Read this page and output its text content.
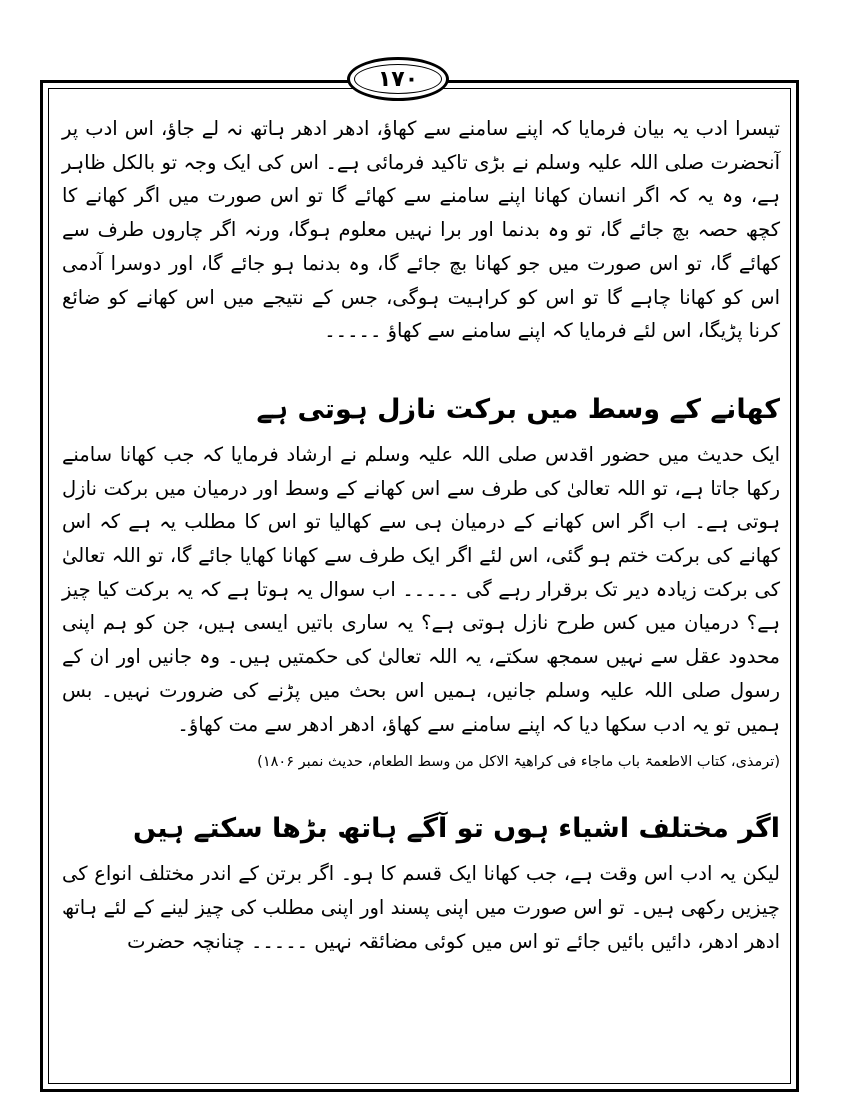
۱۷۰

تیسرا ادب یہ بیان فرمایا کہ اپنے سامنے سے کھاؤ، ادھر ادھر ہاتھ نہ لے جاؤ، اس ادب پر آنحضرت صلی اللہ علیہ وسلم نے بڑی تاکید فرمائی ہے۔ اس کی ایک وجہ تو بالکل ظاہر ہے، وہ یہ کہ اگر انسان کھانا اپنے سامنے سے کھائے گا تو اس صورت میں اگر کھانے کا کچھ حصہ بچ جائے گا، تو وہ بدنما اور برا نہیں معلوم ہوگا، ورنہ اگر چاروں طرف سے کھائے گا، تو اس صورت میں جو کھانا بچ جائے گا، وہ بدنما ہو جائے گا، اور دوسرا آدمی اس کو کھانا چاہے گا تو اس کو کراہیت ہوگی، جس کے نتیجے میں اس کھانے کو ضائع کرنا پڑیگا، اس لئے فرمایا کہ اپنے سامنے سے کھاؤ ۔۔۔۔۔

کھانے کے وسط میں برکت نازل ہوتی ہے

ایک حدیث میں حضور اقدس صلی اللہ علیہ وسلم نے ارشاد فرمایا کہ جب کھانا سامنے رکھا جاتا ہے، تو اللہ تعالیٰ کی طرف سے اس کھانے کے وسط اور درمیان میں برکت نازل ہوتی ہے۔ اب اگر اس کھانے کے درمیان ہی سے کھالیا تو اس کا مطلب یہ ہے کہ اس کھانے کی برکت ختم ہو گئی، اس لئے اگر ایک طرف سے کھانا کھایا جائے گا، تو اللہ تعالیٰ کی برکت زیادہ دیر تک برقرار رہے گی ۔۔۔۔۔ اب سوال یہ ہوتا ہے کہ یہ برکت کیا چیز ہے؟ درمیان میں کس طرح نازل ہوتی ہے؟ یہ ساری باتیں ایسی ہیں، جن کو ہم اپنی محدود عقل سے نہیں سمجھ سکتے، یہ اللہ تعالیٰ کی حکمتیں ہیں۔ وہ جانیں اور ان کے رسول صلی اللہ علیہ وسلم جانیں، ہمیں اس بحث میں پڑنے کی ضرورت نہیں۔ بس ہمیں تو یہ ادب سکھا دیا کہ اپنے سامنے سے کھاؤ، ادھر ادھر سے مت کھاؤ۔

(ترمذی، کتاب الاطعمۃ باب ماجاء فی کراھیۃ الاکل من وسط الطعام، حدیث نمبر ۱۸۰۶)

اگر مختلف اشیاء ہوں تو آگے ہاتھ بڑھا سکتے ہیں

لیکن یہ ادب اس وقت ہے، جب کھانا ایک قسم کا ہو۔ اگر برتن کے اندر مختلف انواع کی چیزیں رکھی ہیں۔ تو اس صورت میں اپنی پسند اور اپنی مطلب کی چیز لینے کے لئے ہاتھ ادھر ادھر، دائیں بائیں جائے تو اس میں کوئی مضائقہ نہیں ۔۔۔۔۔ چنانچہ حضرت
